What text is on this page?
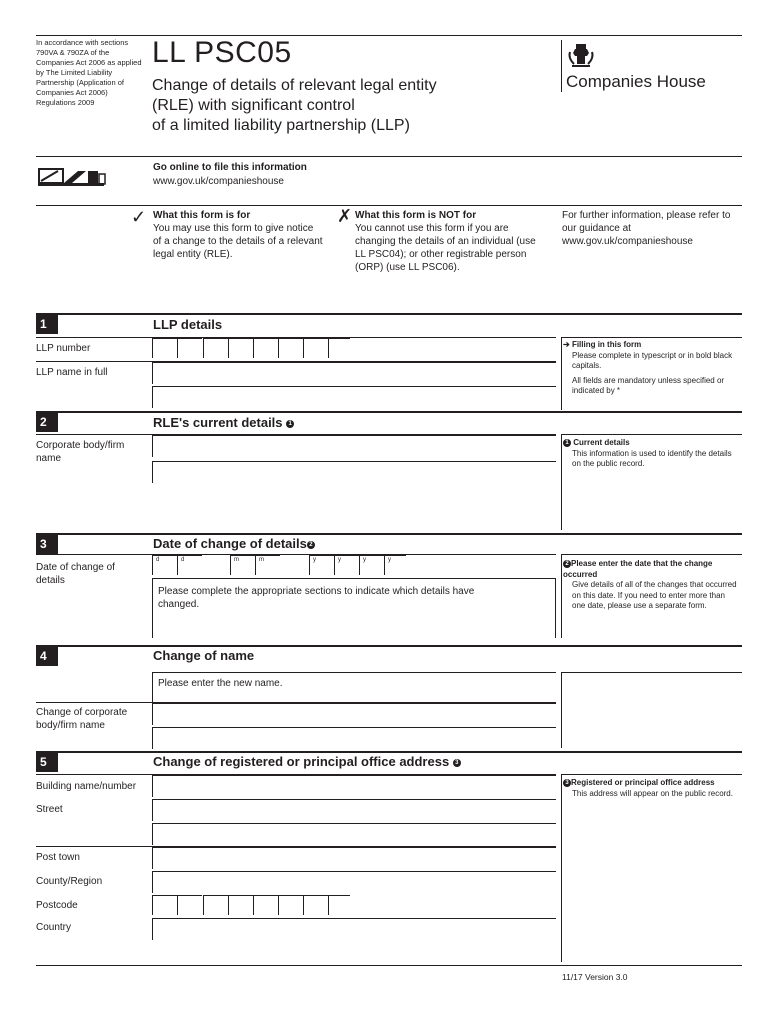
In accordance with sections 790VA & 790ZA of the Companies Act 2006 as applied by The Limited Liability Partnership (Application of Companies Act 2006) Regulations 2009
LL PSC05
Change of details of relevant legal entity
(RLE) with significant control
of a limited liability partnership (LLP)
Companies House
Go online to file this information
www.gov.uk/companieshouse
✓ What this form is for
You may use this form to give notice of a change to the details of a relevant legal entity (RLE).
✗ What this form is NOT for
You cannot use this form if you are changing the details of an individual (use LL PSC04); or other registrable person (ORP) (use LL PSC06).
For further information, please refer to our guidance at www.gov.uk/companieshouse
1	LLP details
LLP number
LLP name in full
➔ Filling in this form
Please complete in typescript or in bold black capitals.
All fields are mandatory unless specified or indicated by *
2	RLE's current details 1
Corporate body/firm name
1 Current details
This information is used to identify the details on the public record.
3	Date of change of details 2
Date of change of details
d	d	m	m	y	y	y	y
Please complete the appropriate sections to indicate which details have changed.
2 Please enter the date that the change occurred
Give details of all of the changes that occurred on this date. If you need to enter more than one date, please use a separate form.
4	Change of name
Please enter the new name.
Change of corporate body/firm name
5	Change of registered or principal office address 3
Building name/number
Street
Post town
County/Region
Postcode
Country
3 Registered or principal office address
This address will appear on the public record.
11/17 Version 3.0
